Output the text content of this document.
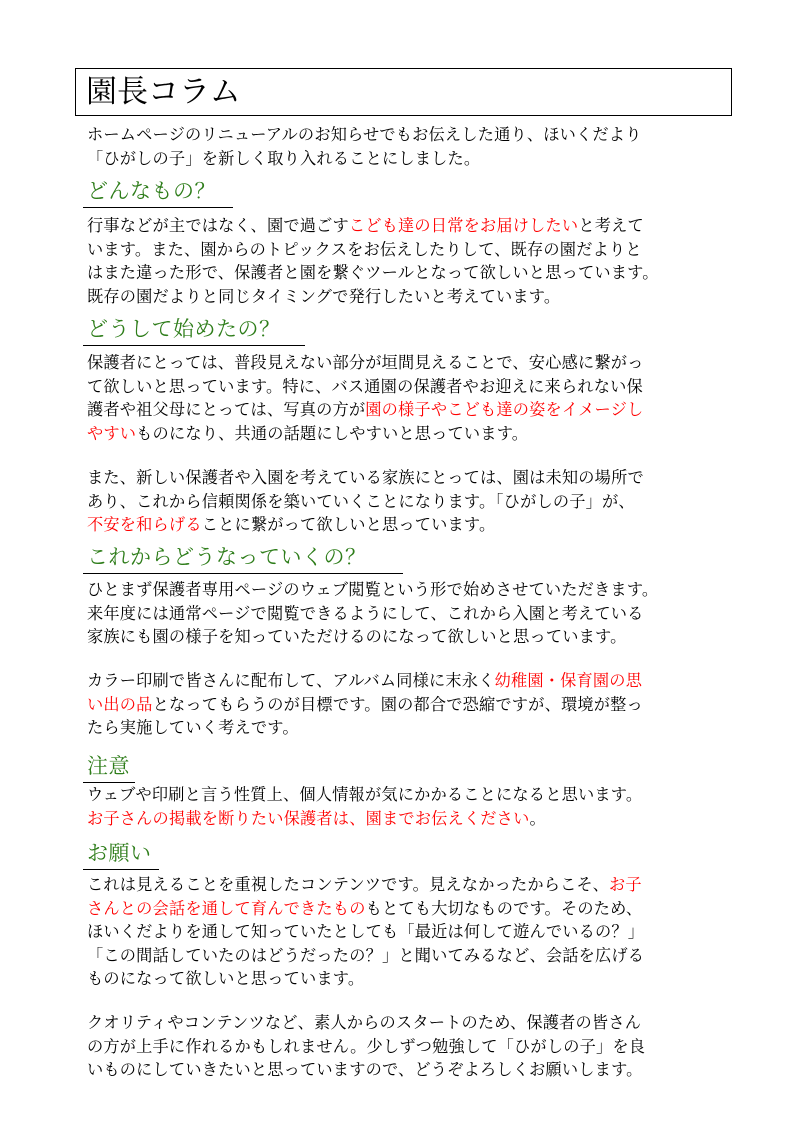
園長コラム
ホームページのリニューアルのお知らせでもお伝えした通り、ほいくだより
「ひがしの子」を新しく取り入れることにしました。
どんなもの？
行事などが主ではなく、園で過ごすこども達の日常をお届けしたいと考えて
います。また、園からのトピックスをお伝えしたりして、既存の園だよりと
はまた違った形で、保護者と園を繋ぐツールとなって欲しいと思っています。
既存の園だよりと同じタイミングで発行したいと考えています。
どうして始めたの？
保護者にとっては、普段見えない部分が垣間見えることで、安心感に繋がっ
て欲しいと思っています。特に、バス通園の保護者やお迎えに来られない保
護者や祖父母にとっては、写真の方が園の様子やこども達の姿をイメージし
やすいものになり、共通の話題にしやすいと思っています。
また、新しい保護者や入園を考えている家族にとっては、園は未知の場所で
あり、これから信頼関係を築いていくことになります。「ひがしの子」が、
不安を和らげることに繋がって欲しいと思っています。
これからどうなっていくの？
ひとまず保護者専用ページのウェブ閲覧という形で始めさせていただきます。
来年度には通常ページで閲覧できるようにして、これから入園と考えている
家族にも園の様子を知っていただけるのになって欲しいと思っています。
カラー印刷で皆さんに配布して、アルバム同様に末永く幼稚園・保育園の思
い出の品となってもらうのが目標です。園の都合で恐縮ですが、環境が整っ
たら実施していく考えです。
注意
ウェブや印刷と言う性質上、個人情報が気にかかることになると思います。
お子さんの掲載を断りたい保護者は、園までお伝えください。
お願い
これは見えることを重視したコンテンツです。見えなかったからこそ、お子
さんとの会話を通して育んできたものもとても大切なものです。そのため、
ほいくだよりを通して知っていたとしても「最近は何して遊んでいるの？」
「この間話していたのはどうだったの？」と聞いてみるなど、会話を広げる
ものになって欲しいと思っています。
クオリティやコンテンツなど、素人からのスタートのため、保護者の皆さん
の方が上手に作れるかもしれません。少しずつ勉強して「ひがしの子」を良
いものにしていきたいと思っていますので、どうぞよろしくお願いします。
